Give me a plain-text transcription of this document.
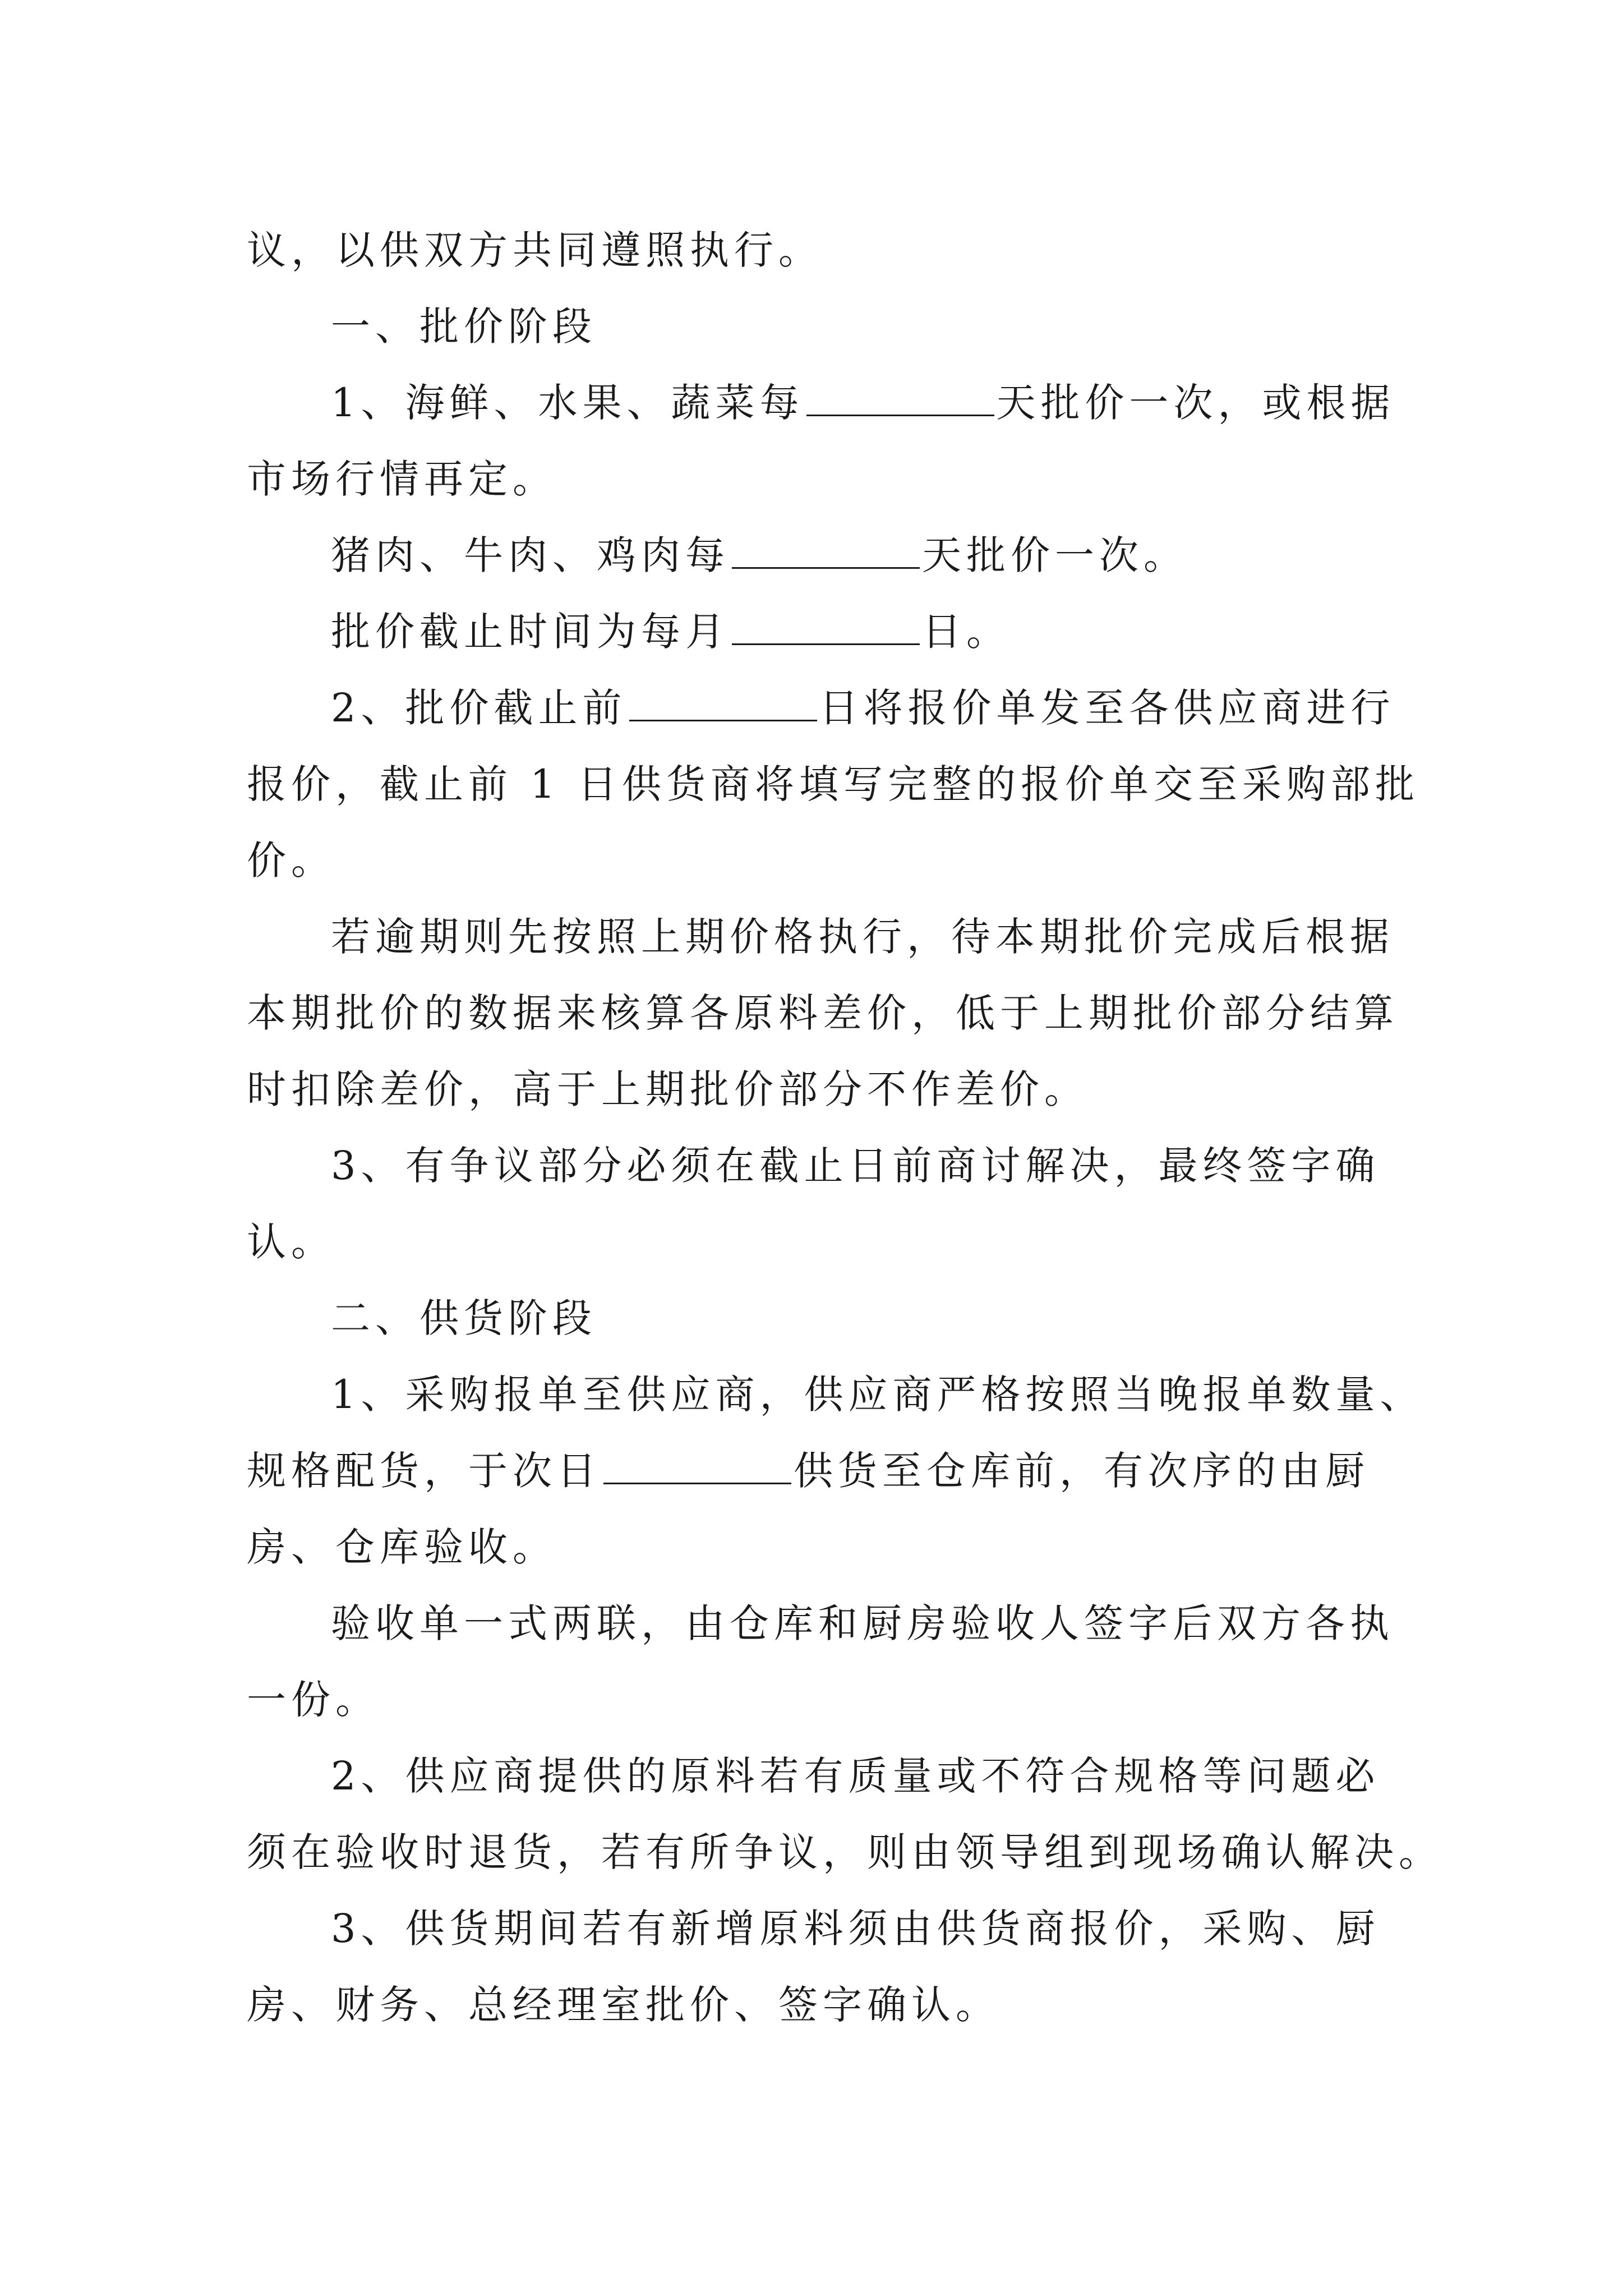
议，以供双方共同遵照执行。
一、批价阶段
1、海鲜、水果、蔬菜每	天批价一次，或根据
市场行情再定。
猪肉、牛肉、鸡肉每	天批价一次。
批价截止时间为每月	日。
2、批价截止前	日将报价单发至各供应商进行
报价，截止前 1 日供货商将填写完整的报价单交至采购部批
价。
若逾期则先按照上期价格执行，待本期批价完成后根据
本期批价的数据来核算各原料差价，低于上期批价部分结算
时扣除差价，高于上期批价部分不作差价。
3、有争议部分必须在截止日前商讨解决，最终签字确
认。
二、供货阶段
1、采购报单至供应商，供应商严格按照当晚报单数量、
规格配货，于次日	供货至仓库前，有次序的由厨
房、仓库验收。
验收单一式两联，由仓库和厨房验收人签字后双方各执
一份。
2、供应商提供的原料若有质量或不符合规格等问题必
须在验收时退货，若有所争议，则由领导组到现场确认解决。
3、供货期间若有新增原料须由供货商报价，采购、厨
房、财务、总经理室批价、签字确认。
